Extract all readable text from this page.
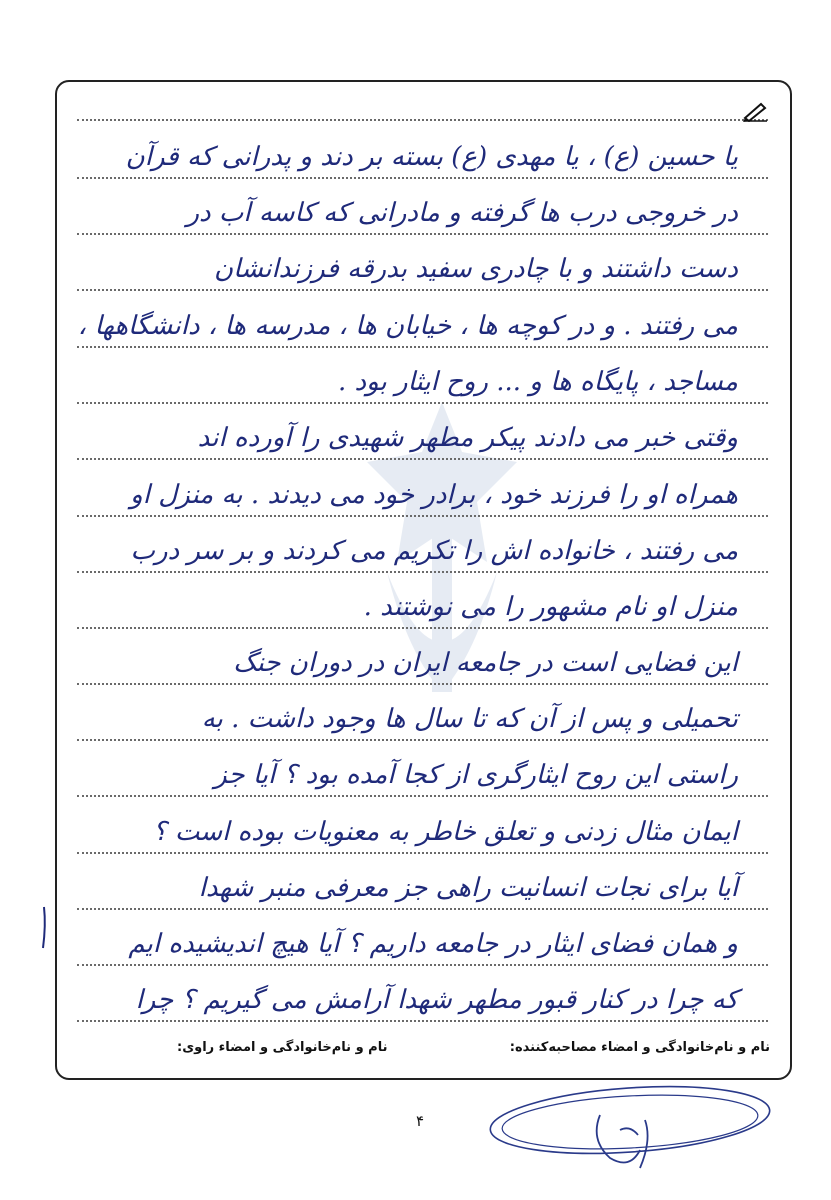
یا حسین (ع) ، یا مهدی (ع) بسته بر دند و پدرانی که قرآن
در خروجی درب ها گرفته و مادرانی که کاسه آب در
دست داشتند و با چادری سفید بدرقه فرزندانشان
می رفتند . و در کوچه ها ، خیابان ها ، مدرسه ها ، دانشگاهها ،
مساجد ، پایگاه ها و ... روح ایثار بود .
وقتی خبر می دادند پیکر مطهر شهیدی را آورده اند
همراه او را فرزند خود ، برادر خود می دیدند . به منزل او
می رفتند ، خانواده اش را تکریم می کردند و بر سر درب
منزل او نام مشهور را می نوشتند .
این فضایی است در جامعه ایران در دوران جنگ
تحمیلی و پس از آن که تا سال ها وجود داشت . به
راستی این روح ایثارگری از کجا آمده بود ؟ آیا جز
ایمان مثال زدنی و تعلق خاطر به معنویات بوده است ؟
آیا برای نجات انسانیت راهی جز معرفی منبر شهدا
و همان فضای ایثار در جامعه داریم ؟ آیا هیچ اندیشیده ایم
که چرا در کنار قبور مطهر شهدا آرامش می گیریم ؟ چرا
نام و نام‌خانوادگی و امضاء مصاحبه‌کننده:
نام و نام‌خانوادگی و امضاء راوی:
۴
